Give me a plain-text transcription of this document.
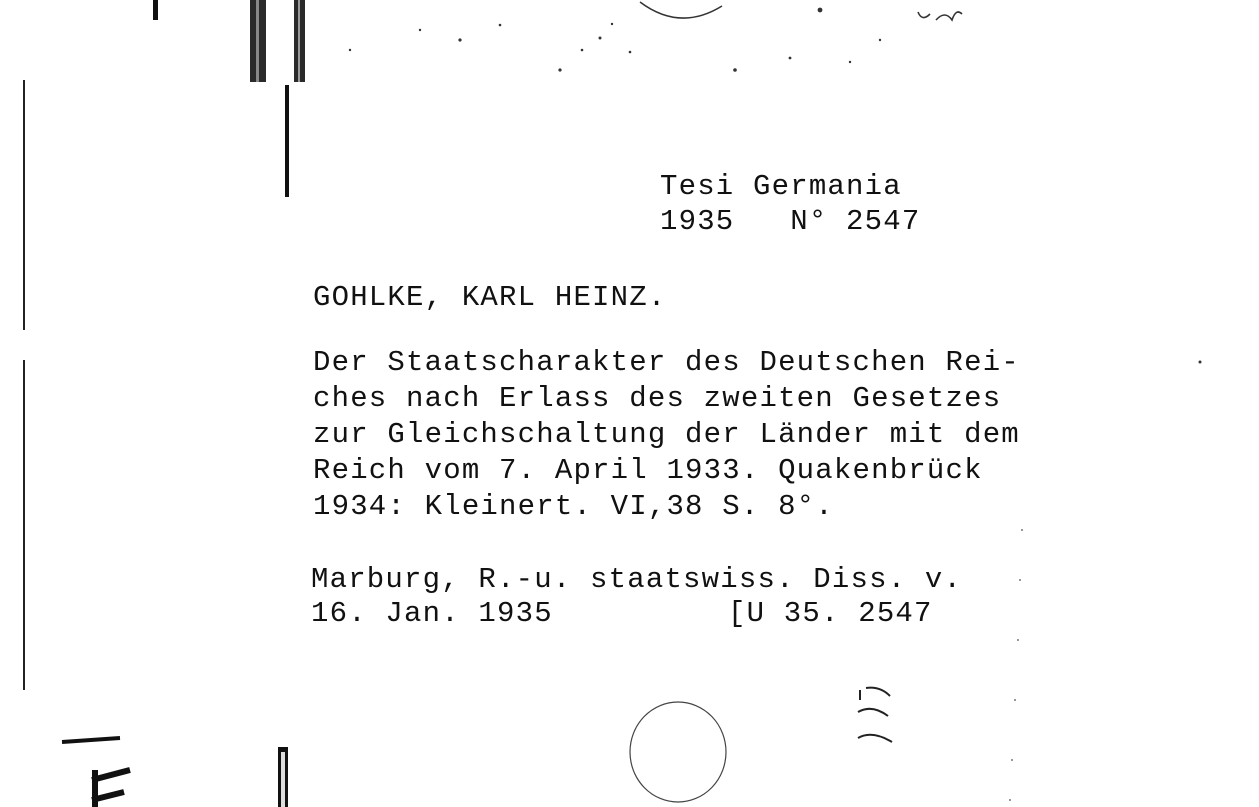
Tesi Germania
1935   N° 2547
GOHLKE, KARL HEINZ.
Der Staatscharakter des Deutschen Rei-
ches nach Erlass des zweiten Gesetzes
zur Gleichschaltung der Länder mit dem
Reich vom 7. April 1933. Quakenbrück
1934: Kleinert. VI,38 S. 8°.
Marburg, R.-u. staatswiss. Diss. v.
16. Jan. 1935	[U 35. 2547
